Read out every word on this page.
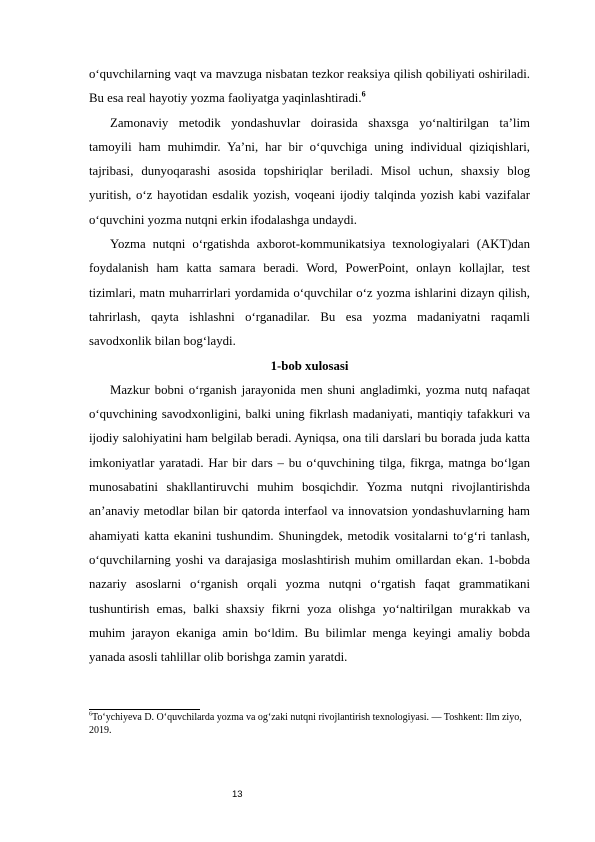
o‘quvchilarning vaqt va mavzuga nisbatan tezkor reaksiya qilish qobiliyati oshiriladi. Bu esa real hayotiy yozma faoliyatga yaqinlashtiradi.$^6$

Zamonaviy metodik yondashuvlar doirasida shaxsga yo‘naltirilgan ta’lim tamoyili ham muhimdir. Ya’ni, har bir o‘quvchiga uning individual qiziqishlari, tajribasi, dunyoqarashi asosida topshiriqlar beriladi. Misol uchun, shaxsiy blog yuritish, o‘z hayotidan esdalik yozish, voqeani ijodiy talqinda yozish kabi vazifalar o‘quvchini yozma nutqni erkin ifodalashga undaydi.

Yozma nutqni o‘rgatishda axborot-kommunikatsiya texnologiyalari (AKT)dan foydalanish ham katta samara beradi. Word, PowerPoint, onlayn kollajlar, test tizimlari, matn muharrirlari yordamida o‘quvchilar o‘z yozma ishlarini dizayn qilish, tahrirlash, qayta ishlashni o‘rganadilar. Bu esa yozma madaniyatni raqamli savodxonlik bilan bog‘laydi.

1-bob xulosasi

Mazkur bobni o‘rganish jarayonida men shuni angladimki, yozma nutq nafaqat o‘quvchining savodxonligini, balki uning fikrlash madaniyati, mantiqiy tafakkuri va ijodiy salohiyatini ham belgilab beradi. Ayniqsa, ona tili darslari bu borada juda katta imkoniyatlar yaratadi. Har bir dars – bu o‘quvchining tilga, fikrga, matnga bo‘lgan munosabatini shakllantiruvchi muhim bosqichdir. Yozma nutqni rivojlantirishda an’anaviy metodlar bilan bir qatorda interfaol va innovatsion yondashuvlarning ham ahamiyati katta ekanini tushundim. Shuningdek, metodik vositalarni to‘g‘ri tanlash, o‘quvchilarning yoshi va darajasiga moslashtirish muhim omillardan ekan. 1-bobda nazariy asoslarni o‘rganish orqali yozma nutqni o‘rgatish faqat grammatikani tushuntirish emas, balki shaxsiy fikrni yoza olishga yo‘naltirilgan murakkab va muhim jarayon ekaniga amin bo‘ldim. Bu bilimlar menga keyingi amaliy bobda yanada asosli tahlillar olib borishga zamin yaratdi.

$^6$To‘ychiyeva D. O‘quvchilarda yozma va og‘zaki nutqni rivojlantirish texnologiyasi. — Toshkent: Ilm ziyo, 2019.
13
